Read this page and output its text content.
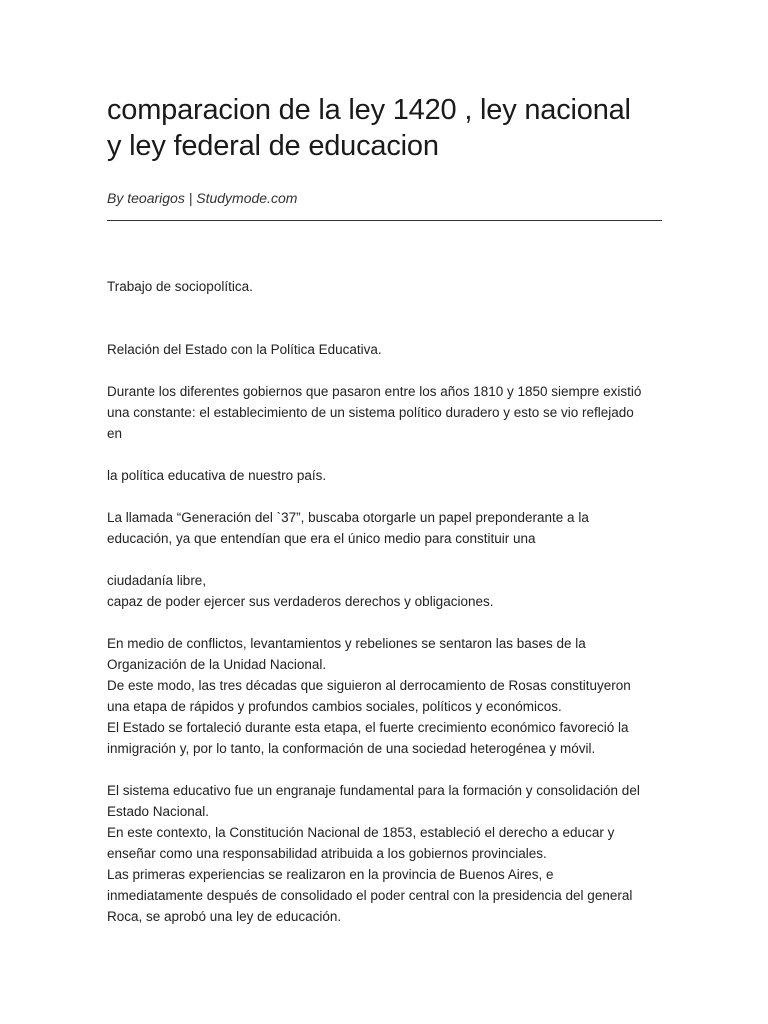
comparacion de la ley 1420 , ley nacional
y ley federal de educacion
By teoarigos | Studymode.com

Trabajo de sociopolítica.

Relación del Estado con la Política Educativa.

Durante los diferentes gobiernos que pasaron entre los años 1810 y 1850 siempre existió
una constante: el establecimiento de un sistema político duradero y esto se vio reflejado
en

la política educativa de nuestro país.

La llamada “Generación del `37”, buscaba otorgarle un papel preponderante a la
educación, ya que entendían que era el único medio para constituir una

ciudadanía libre,
capaz de poder ejercer sus verdaderos derechos y obligaciones.

En medio de conflictos, levantamientos y rebeliones se sentaron las bases de la
Organización de la Unidad Nacional.
De este modo, las tres décadas que siguieron al derrocamiento de Rosas constituyeron
una etapa de rápidos y profundos cambios sociales, políticos y económicos.
El Estado se fortaleció durante esta etapa, el fuerte crecimiento económico favoreció la
inmigración y, por lo tanto, la conformación de una sociedad heterogénea y móvil.

El sistema educativo fue un engranaje fundamental para la formación y consolidación del
Estado Nacional.
En este contexto, la Constitución Nacional de 1853, estableció el derecho a educar y
enseñar como una responsabilidad atribuida a los gobiernos provinciales.
Las primeras experiencias se realizaron en la provincia de Buenos Aires, e
inmediatamente después de consolidado el poder central con la presidencia del general
Roca, se aprobó una ley de educación.
